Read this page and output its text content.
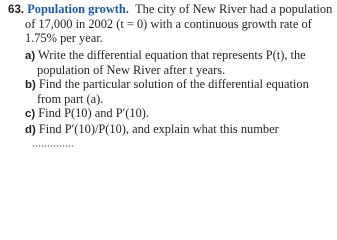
63. Population growth. The city of New River had a population of 17,000 in 2002 (t = 0) with a continuous growth rate of 1.75% per year.

a) Write the differential equation that represents P(t), the population of New River after t years.
b) Find the particular solution of the differential equation from part (a).
c) Find P(10) and P′(10).
d) Find P′(10)/P(10), and explain what this number
